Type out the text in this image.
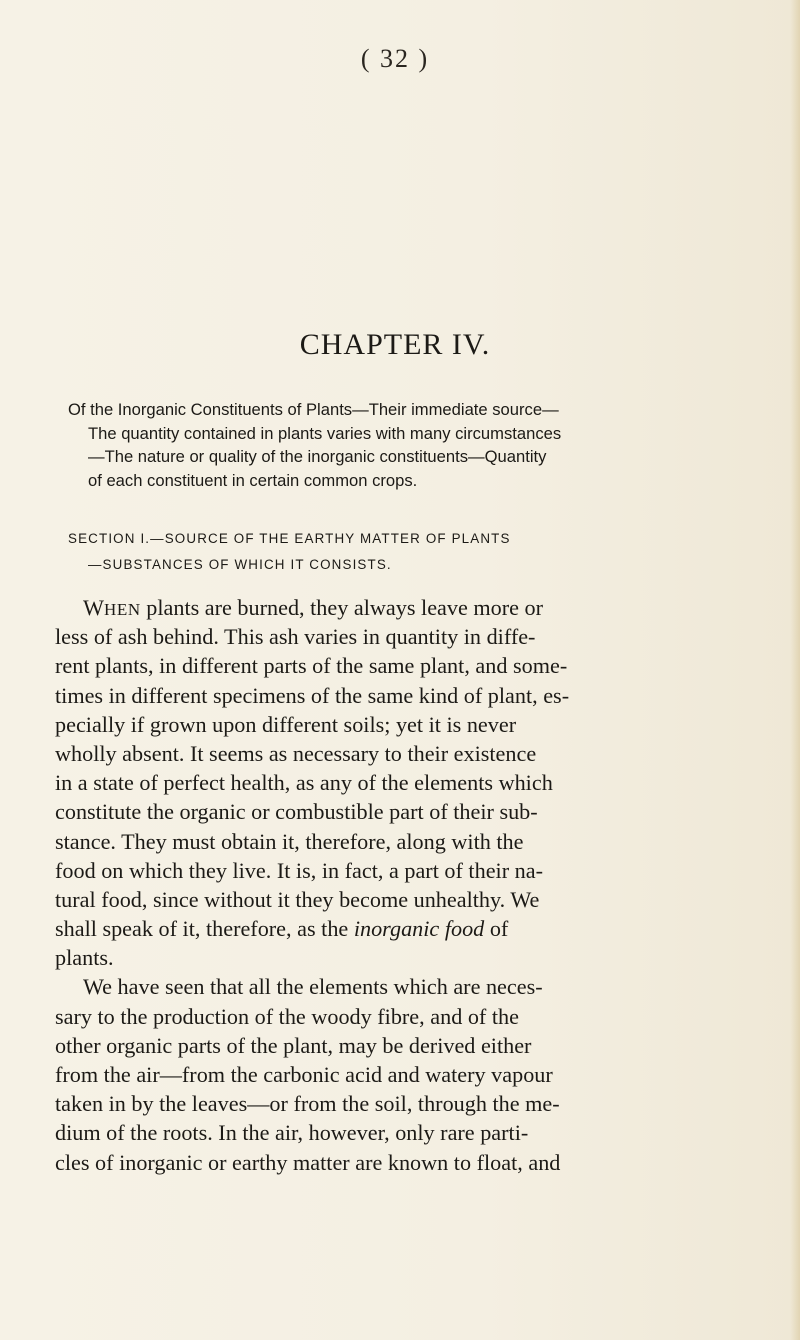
( 32 )
CHAPTER IV.
Of the Inorganic Constituents of Plants—Their immediate source—
The quantity contained in plants varies with many circumstances
—The nature or quality of the inorganic constituents—Quantity
of each constituent in certain common crops.
SECTION I.—SOURCE OF THE EARTHY MATTER OF PLANTS
—SUBSTANCES OF WHICH IT CONSISTS.
WHEN plants are burned, they always leave more or
less of ash behind. This ash varies in quantity in diffe-
rent plants, in different parts of the same plant, and some-
times in different specimens of the same kind of plant, es-
pecially if grown upon different soils; yet it is never
wholly absent. It seems as necessary to their existence
in a state of perfect health, as any of the elements which
constitute the organic or combustible part of their sub-
stance. They must obtain it, therefore, along with the
food on which they live. It is, in fact, a part of their na-
tural food, since without it they become unhealthy. We
shall speak of it, therefore, as the inorganic food of
plants.
We have seen that all the elements which are neces-
sary to the production of the woody fibre, and of the
other organic parts of the plant, may be derived either
from the air—from the carbonic acid and watery vapour
taken in by the leaves—or from the soil, through the me-
dium of the roots. In the air, however, only rare parti-
cles of inorganic or earthy matter are known to float, and
